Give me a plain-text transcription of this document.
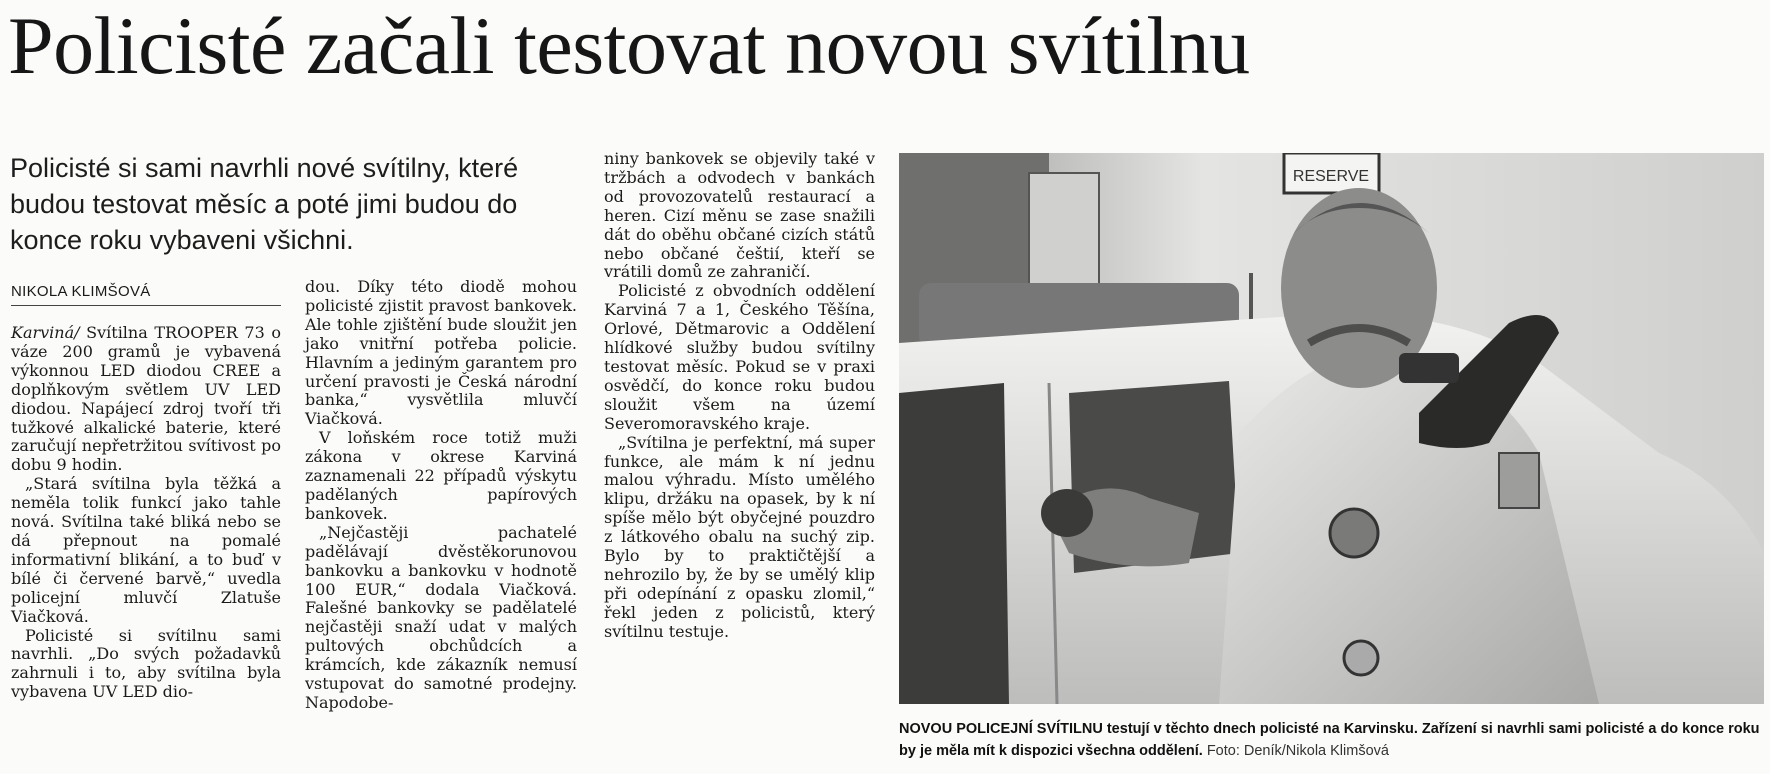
Policisté začali testovat novou svítilnu
Policisté si sami navrhli nové svítilny, které budou testovat měsíc a poté jimi budou do konce roku vybaveni všichni.
NIKOLA KLIMŠOVÁ

Karviná/ Svítilna TROOPER 73 o váze 200 gramů je vybavená výkonnou LED diodou CREE a doplňkovým světlem UV LED diodou. Napájecí zdroj tvoří tři tužkové alkalické baterie, které zaručují nepřetržitou svítivost po dobu 9 hodin.

„Stará svítilna byla těžká a neměla tolik funkcí jako tahle nová. Svítilna také bliká nebo se dá přepnout na pomalé informativní blikání, a to buď v bílé či červené barvě,“ uvedla policejní mluvčí Zlatuše Viačková.

Policisté si svítilnu sami navrhli. „Do svých požadavků zahrnuli i to, aby svítilna byla vybavena UV LED dio-

dou. Díky této diodě mohou policisté zjistit pravost bankovek. Ale tohle zjištění bude sloužit jen jako vnitřní potřeba policie. Hlavním a jediným garantem pro určení pravosti je Česká národní banka,“ vysvětlila mluvčí Viačková.

V loňském roce totiž muži zákona v okrese Karviná zaznamenali 22 případů výskytu padělaných papírových bankovek.

„Nejčastěji pachatelé padělávají dvěstěkorunovou bankovku a bankovku v hodnotě 100 EUR,“ dodala Viačková. Falešné bankovky se padělatelé nejčastěji snaží udat v malých pultových obchůdcích a krámcích, kde zákazník nemusí vstupovat do samotné prodejny. Napodobe-

niny bankovek se objevily také v tržbách a odvodech v bankách od provozovatelů restaurací a heren. Cizí měnu se zase snažili dát do oběhu občané cizích států nebo občané češtií, kteří se vrátili domů ze zahraničí.

Policisté z obvodních oddělení Karviná 7 a 1, Českého Těšína, Orlové, Dětmarovic a Oddělení hlídkové služby budou svítilny testovat měsíc. Pokud se v praxi osvědčí, do konce roku budou sloužit všem na území Severomoravského kraje.

„Svítilna je perfektní, má super funkce, ale mám k ní jednu malou výhradu. Místo umělého klipu, držáku na opasek, by k ní spíše mělo být obyčejné pouzdro z látkového obalu na suchý zip. Bylo by to praktičtější a nehrozilo by, že by se umělý klip při odepínání z opasku zlomil,“ řekl jeden z policistů, který svítilnu testuje.

RESERVE
NOVOU POLICEJNÍ SVÍTILNU testují v těchto dnech policisté na Karvinsku. Zařízení si navrhli sami policisté a do konce roku by je měla mít k dispozici všechna oddělení. Foto: Deník/Nikola Klimšová
